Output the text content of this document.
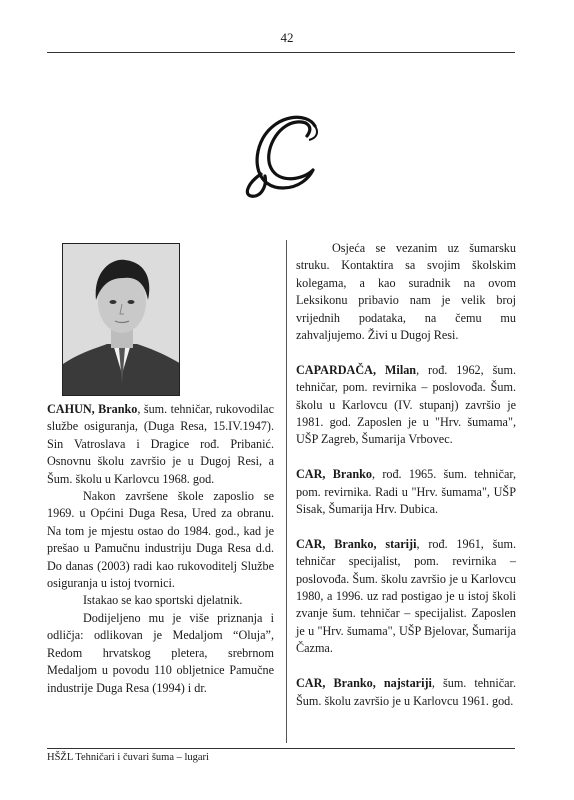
42

CAHUN, Branko, šum. tehničar, rukovodilac službe osiguranja, (Duga Resa, 15.IV.1947). Sin Vatroslava i Dragice rođ. Pribanić. Osnovnu školu završio je u Dugoj Resi, a Šum. školu u Karlovcu 1968. god.

Nakon završene škole zaposlio se 1969. u Općini Duga Resa, Ured za obranu. Na tom je mjestu ostao do 1984. god., kad je prešao u Pamučnu industriju Duga Resa d.d. Do danas (2003) radi kao rukovoditelj Službe osiguranja u istoj tvornici.

Istakao se kao sportski djelatnik.

Dodijeljeno mu je više priznanja i odličja: odlikovan je Medaljom “Oluja”, Redom hrvatskog pleterа, srebrnom Medaljom u povodu 110 obljetnice Pamučne industrije Duga Resa (1994) i dr.

Osjeća se vezanim uz šumarsku struku. Kontaktira sa svojim školskim kolegama, a kao suradnik na ovom Leksikonu pribavio nam je velik broj vrijednih podataka, na čemu mu zahvaljujemo. Živi u Dugoj Resi.

CAPARDAČA, Milan, rođ. 1962, šum. tehničar, pom. revirnika – poslovođa. Šum. školu u Karlovcu (IV. stupanj) završio je 1981. god. Zaposlen je u "Hrv. šumama", UŠP Zagreb, Šumarija Vrbovec.

CAR, Branko, rođ. 1965. šum. tehničar, pom. revirnika. Radi u "Hrv. šumama", UŠP Sisak, Šumarija Hrv. Dubica.

CAR, Branko, stariji, rođ. 1961, šum. tehničar specijalist, pom. revirnika – poslovođa. Šum. školu završio je u Karlovcu 1980, a 1996. uz rad postigao je u istoj školi zvanje šum. tehničar – specijalist. Zaposlen je u "Hrv. šumama", UŠP Bjelovar, Šumarija Čazma.

CAR, Branko, najstariji, šum. tehničar. Šum. školu završio je u Karlovcu 1961. god.

HŠŽL Tehničari i čuvari šuma – lugari
